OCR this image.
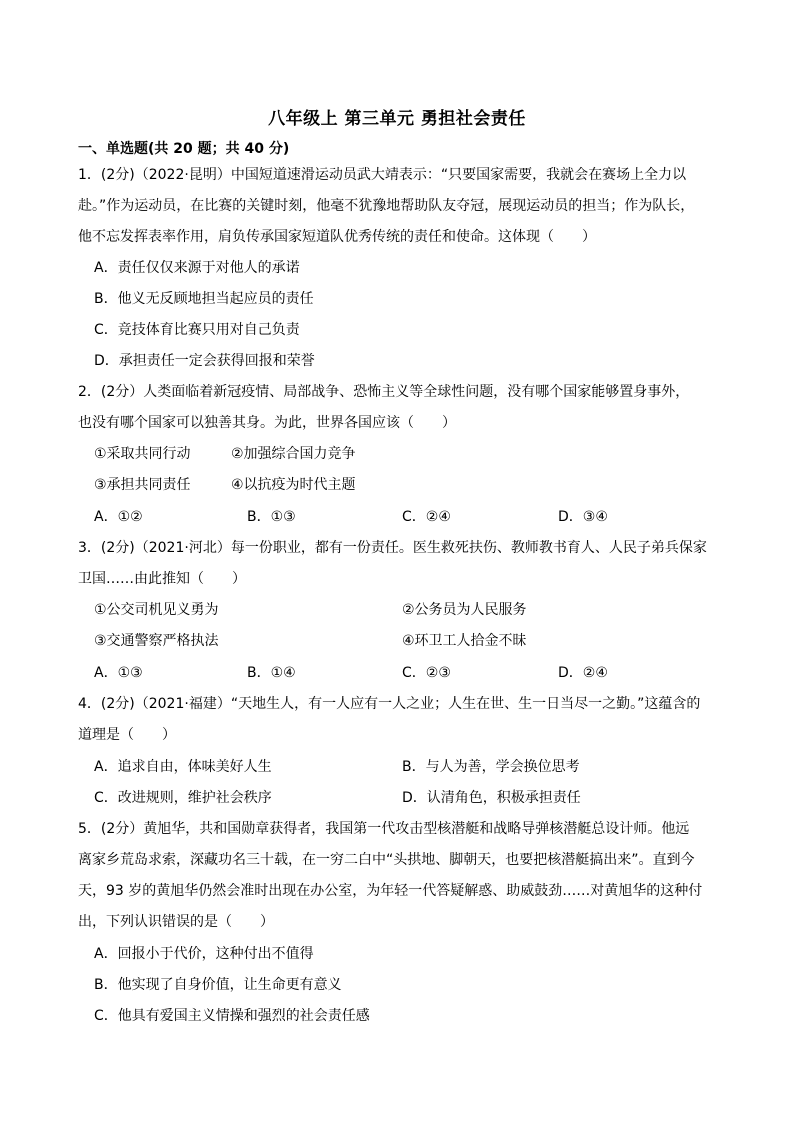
八年级上 第三单元 勇担社会责任
一、单选题(共 20 题；共 40 分)
1．(2分)（2022·昆明）中国短道速滑运动员武大靖表示：“只要国家需要，我就会在赛场上全力以
赴。”作为运动员，在比赛的关键时刻，他毫不犹豫地帮助队友夺冠，展现运动员的担当；作为队长，
他不忘发挥表率作用，肩负传承国家短道队优秀传统的责任和使命。这体现（　　）
A．责任仅仅来源于对他人的承诺
B．他义无反顾地担当起应员的责任
C．竞技体育比赛只用对自己负责
D．承担责任一定会获得回报和荣誉
2．(2分）人类面临着新冠疫情、局部战争、恐怖主义等全球性问题，没有哪个国家能够置身事外，
也没有哪个国家可以独善其身。为此，世界各国应该（　　）
①采取共同行动	②加强综合国力竞争
③承担共同责任	④以抗疫为时代主题
A．①②	B．①③	C．②④	D．③④
3．(2分)（2021·河北）每一份职业，都有一份责任。医生救死扶伤、教师教书育人、人民子弟兵保家
卫国……由此推知（　　）
①公交司机见义勇为	②公务员为人民服务
③交通警察严格执法	④环卫工人拾金不昧
A．①③	B．①④	C．②③	D．②④
4．(2分)（2021·福建）“天地生人，有一人应有一人之业；人生在世、生一日当尽一之勤。”这蕴含的
道理是（　　）
A．追求自由，体味美好人生	B．与人为善，学会换位思考
C．改进规则，维护社会秩序	D．认清角色，积极承担责任
5．(2分）黄旭华，共和国勋章获得者，我国第一代攻击型核潜艇和战略导弹核潜艇总设计师。他远
离家乡荒岛求索，深藏功名三十载，在一穷二白中“头拱地、脚朝天，也要把核潜艇搞出来”。直到今
天，93 岁的黄旭华仍然会准时出现在办公室，为年轻一代答疑解惑、助威鼓劲……对黄旭华的这种付
出，下列认识错误的是（　　）
A．回报小于代价，这种付出不值得
B．他实现了自身价值，让生命更有意义
C．他具有爱国主义情操和强烈的社会责任感
